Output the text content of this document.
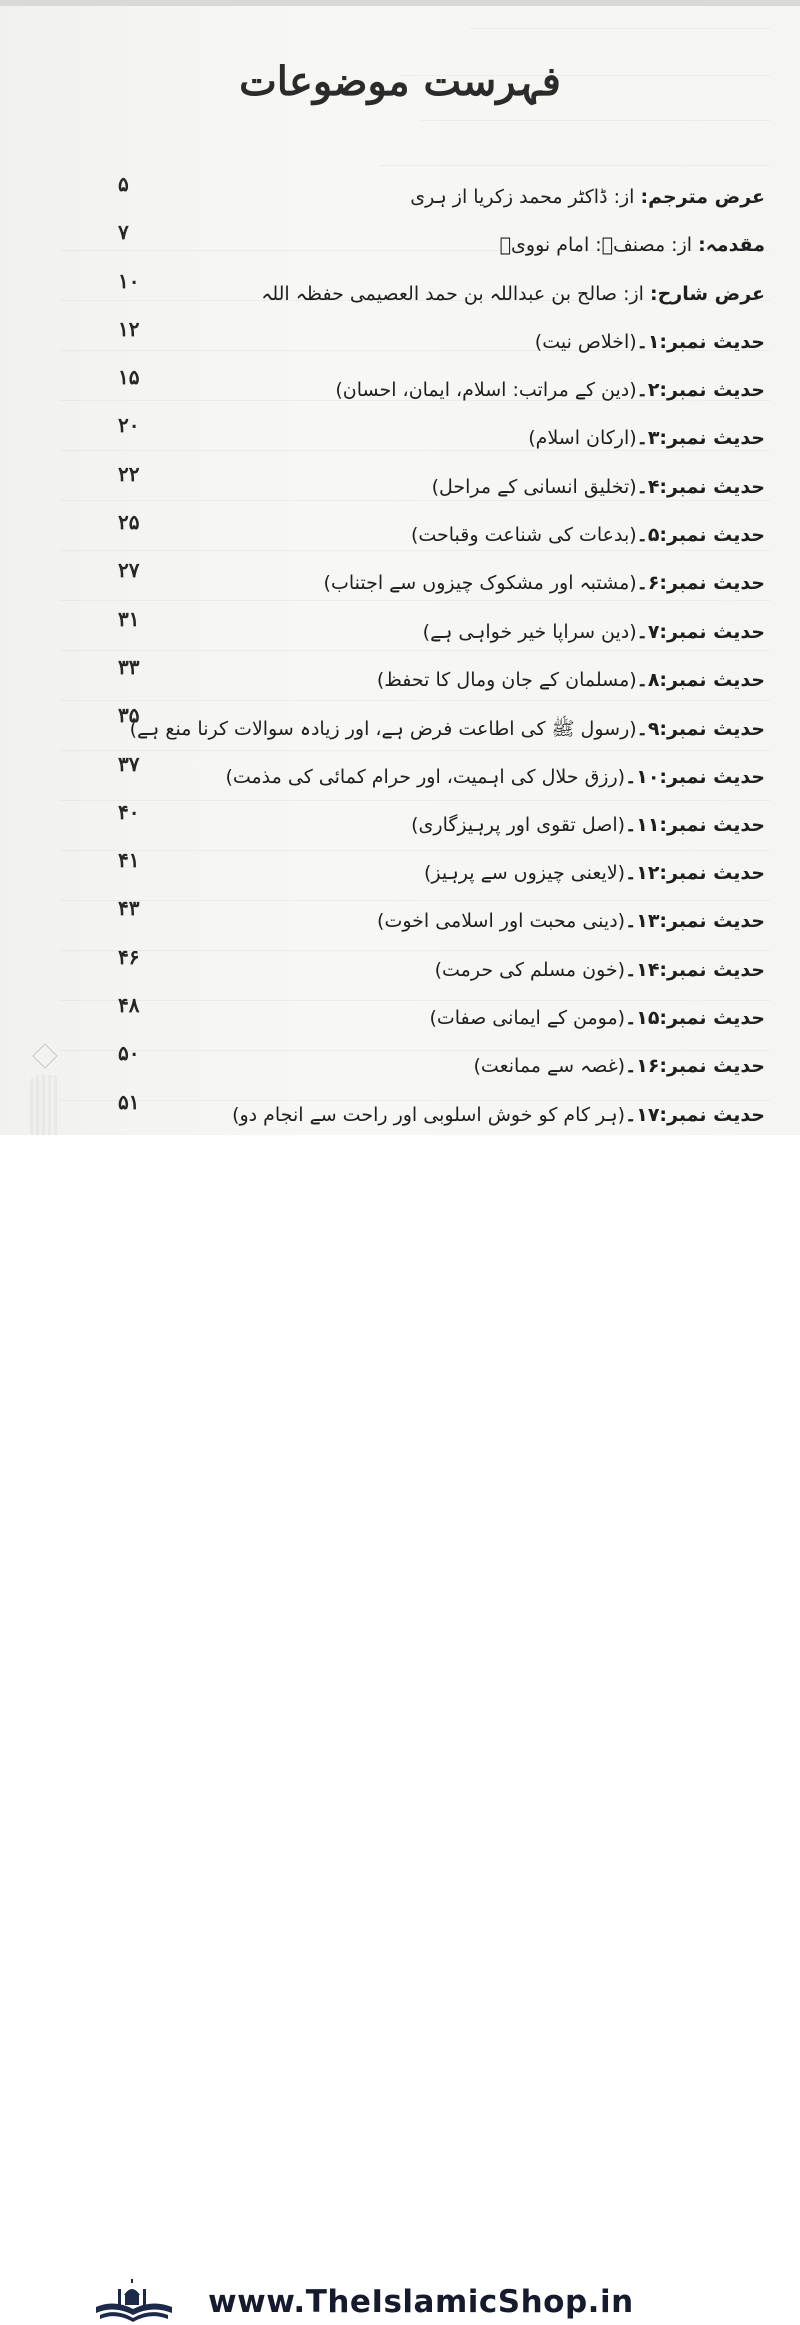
فہرست موضوعات
۵
عرض مترجم: از: ڈاکٹر محمد زکریا از ہری
۷
مقدمہ: از: مصنفؒ: امام نوویؒ
۱۰
عرض شارح: از: صالح بن عبداللہ بن حمد العصیمی حفظہ اللہ
۱۲
حدیث نمبر:۱۔(اخلاص نیت)
۱۵
حدیث نمبر:۲۔(دین کے مراتب: اسلام، ایمان، احسان)
۲۰
حدیث نمبر:۳۔(ارکان اسلام)
۲۲
حدیث نمبر:۴۔(تخلیق انسانی کے مراحل)
۲۵
حدیث نمبر:۵۔(بدعات کی شناعت وقباحت)
۲۷
حدیث نمبر:۶۔(مشتبہ اور مشکوک چیزوں سے اجتناب)
۳۱
حدیث نمبر:۷۔(دین سراپا خیر خواہی ہے)
۳۳
حدیث نمبر:۸۔(مسلمان کے جان ومال کا تحفظ)
۳۵
حدیث نمبر:۹۔(رسول ﷺ کی اطاعت فرض ہے، اور زیادہ سوالات کرنا منع ہے)
۳۷
حدیث نمبر:۱۰۔(رزق حلال کی اہمیت، اور حرام کمائی کی مذمت)
۴۰
حدیث نمبر:۱۱۔(اصل تقوی اور پرہیزگاری)
۴۱
حدیث نمبر:۱۲۔(لایعنی چیزوں سے پرہیز)
۴۳
حدیث نمبر:۱۳۔(دینی محبت اور اسلامی اخوت)
۴۶
حدیث نمبر:۱۴۔(خون مسلم کی حرمت)
۴۸
حدیث نمبر:۱۵۔(مومن کے ایمانی صفات)
۵۰
حدیث نمبر:۱۶۔(غصہ سے ممانعت)
۵۱
حدیث نمبر:۱۷۔(ہر کام کو خوش اسلوبی اور راحت سے انجام دو)
www.TheIslamicShop.in
